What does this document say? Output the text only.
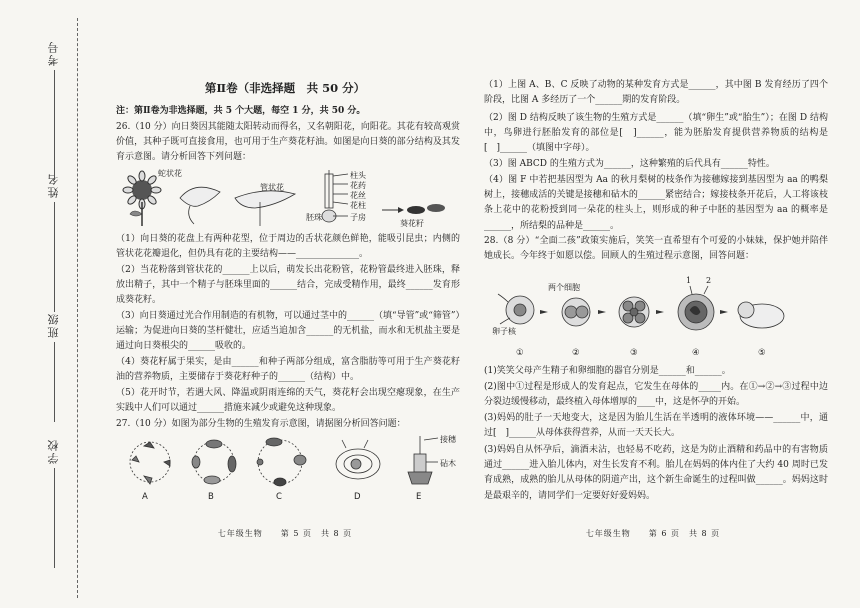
学校
班级
姓名
考号
第Ⅱ卷（非选择题　共 50 分）
注：第Ⅱ卷为非选择题，共 5 个大题，每空 1 分，共 50 分。
26.（10 分）向日葵因其能随太阳转动而得名，又名朝阳花，向阳花。其花有较高观赏价值，其种子既可直接食用，也可用于生产葵花籽油。如图是向日葵的部分结构及其发育示意图。请分析回答下列问题：
蛇状花
管状花
柱头
花药
花丝
花柱
子房
胚珠
葵花籽
（1）向日葵的花盘上有两种花型，位于周边的舌状花颜色鲜艳，能吸引昆虫；内侧的管状花花瓣退化，但仍具有花的主要结构——______________。
（2）当花粉落到管状花的______上以后，萌发长出花粉管，花粉管最终进入胚珠，释放出精子，其中一个精子与胚珠里面的______结合，完成受精作用，最终______发育形成葵花籽。
（3）向日葵通过光合作用制造的有机物，可以通过茎中的______（填“导管”或“筛管”）运输；为促进向日葵的茎杆健壮，应适当追加含______的无机盐，而水和无机盐主要是通过向日葵根尖的______吸收的。
（4）葵花籽属于果实，是由______和种子两部分组成，富含脂肪等可用于生产葵花籽油的营养物质，主要储存于葵花籽种子的______（结构）中。
（5）花开时节，若遇大风、降温或阴雨连绵的天气，葵花籽会出现空瘪现象，在生产实践中人们可以通过______措施来减少或避免这种现象。
27.（10 分）如图为部分生物的生殖发育示意图，请据图分析回答问题：
A	B	C	D	E
接穗
砧木
七年级生物　　第 5 页　共 8 页
（1）上图 A、B、C 反映了动物的某种发育方式是______，其中图 B 发育经历了四个阶段，比图 A 多经历了一个______期的发育阶段。
（2）图 D 结构反映了该生物的生殖方式是______（填“卵生”或“胎生”）；在图 D 结构中，鸟卵进行胚胎发育的部位是[　]______，能为胚胎发育提供营养物质的结构是[　]______（填图中字母）。
（3）图 ABCD 的生殖方式为______，这种繁殖的后代具有______特性。
（4）图 F 中若把基因型为 Aa 的秋月梨树的枝条作为接穗嫁接到基因型为 aa 的鸭梨树上，接穗成活的关键是接穗和砧木的______紧密结合；嫁接枝条开花后，人工将该枝条上花中的花粉授到同一朵花的柱头上，则形成的种子中胚的基因型为 aa 的概率是______，所结梨的品种是______。
28.（8 分）“全面二孩”政策实施后，笑笑一直希望有个可爱的小妹妹，保护她并陪伴她成长。今年终于如愿以偿。回顾人的生殖过程示意图，回答问题：
两个细胞
卵子核
①	②	③	④	⑤
1 2
(1)笑笑父母产生精子和卵细胞的器官分别是______和______。
(2)图中①过程是形成人的发育起点，它发生在母体的_____内。在①→②→③过程中边分裂边缓慢移动，最终植入母体增厚的____中，这是怀孕的开始。
(3)妈妈的肚子一天地变大，这是因为胎儿生活在半透明的液体环境——______中，通过[　]______从母体获得营养，从而一天天长大。
(3)妈妈自从怀孕后，滴酒未沾，也轻易不吃药，这是为防止酒精和药品中的有害物质通过______进入胎儿体内，对生长发育不利。胎儿在妈妈的体内住了大约 40 周时已发育成熟，成熟的胎儿从母体的阴道产出，这个新生命诞生的过程叫做______。妈妈这时是最艰辛的，请同学们一定要好好爱妈妈。
七年级生物　　第 6 页　共 8 页
